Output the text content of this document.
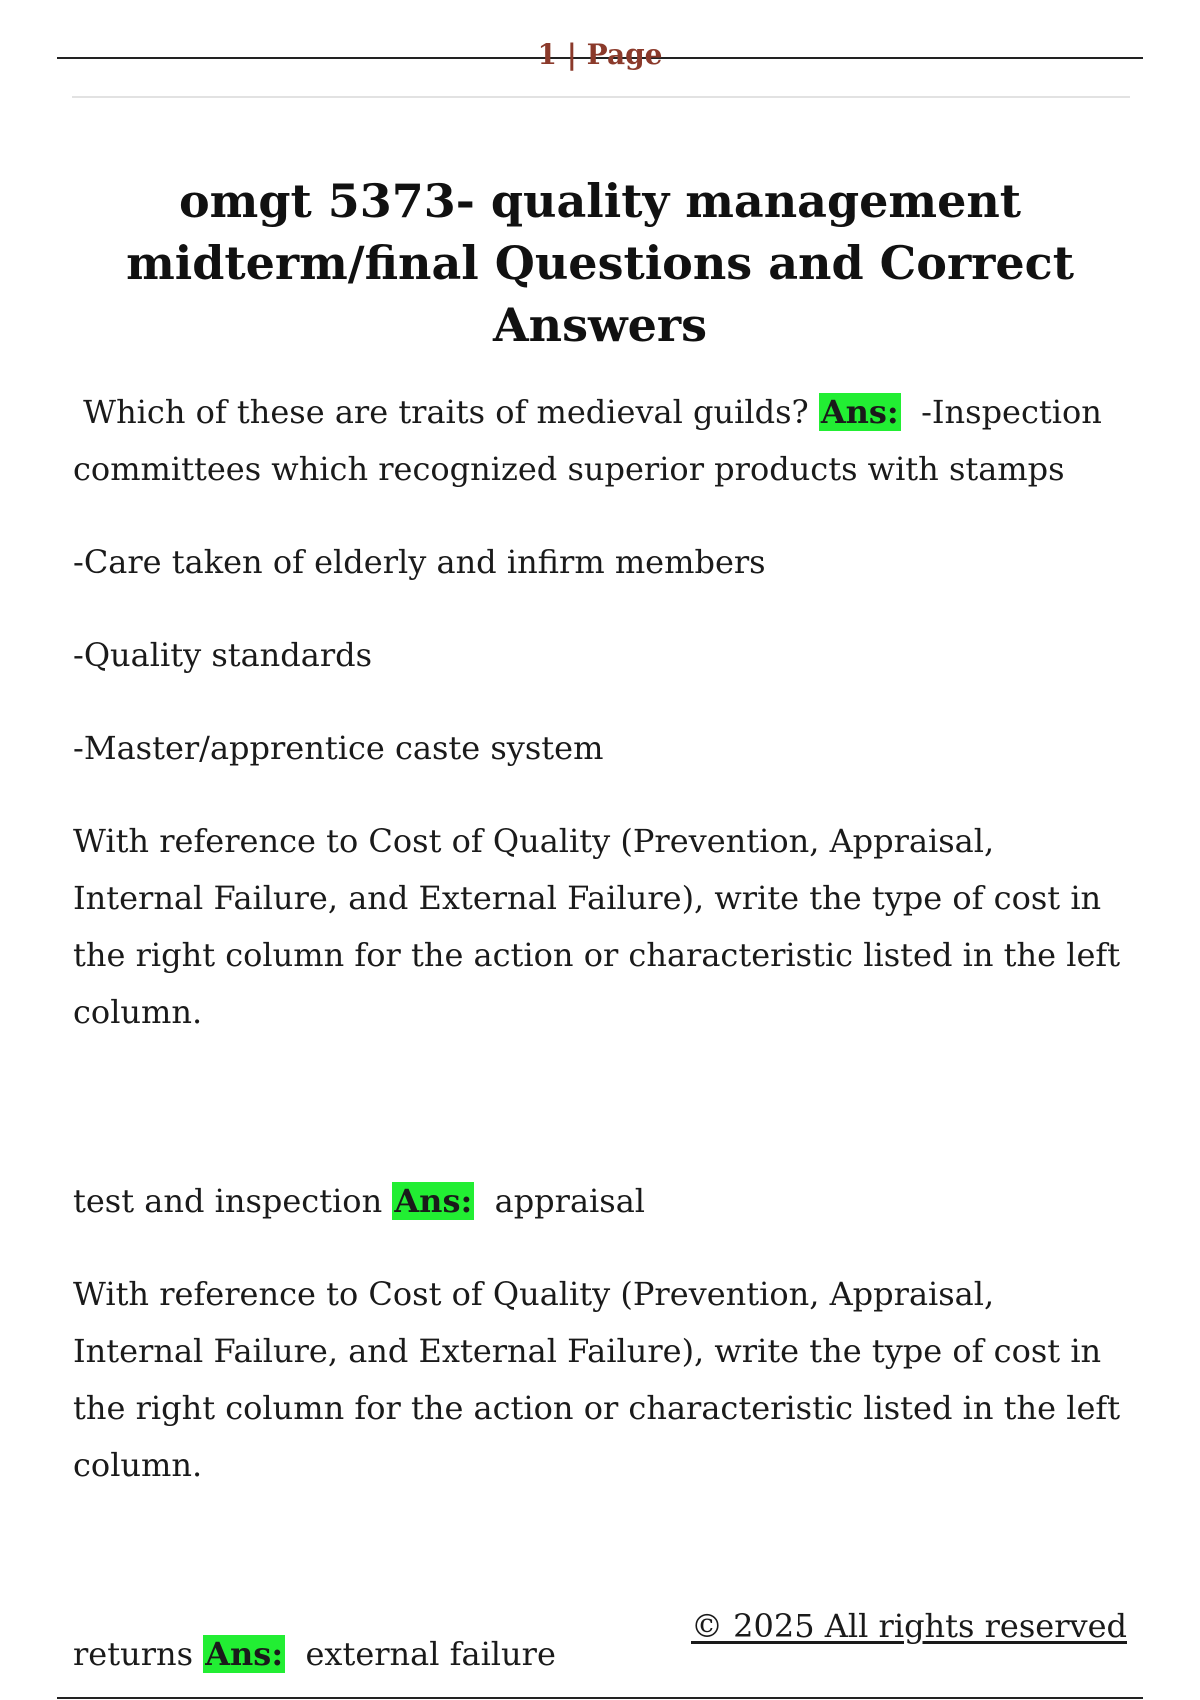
1 | Page
omgt 5373- quality management
midterm/final Questions and Correct
Answers

Which of these are traits of medieval guilds? Ans: -Inspection
committees which recognized superior products with stamps

-Care taken of elderly and infirm members

-Quality standards

-Master/apprentice caste system

With reference to Cost of Quality (Prevention, Appraisal, Internal Failure, and External Failure), write the type of cost in the right column for the action or characteristic listed in the left column.

test and inspection Ans: appraisal

With reference to Cost of Quality (Prevention, Appraisal, Internal Failure, and External Failure), write the type of cost in the right column for the action or characteristic listed in the left column.

returns Ans: external failure

© 2025 All rights reserved
